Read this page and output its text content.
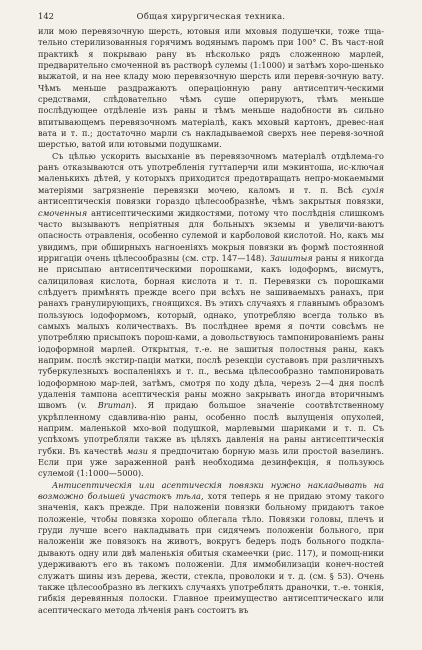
142	Общая хирургическая техника.

или мою перевязочную шерсть, ютовыя или мховыя подушечки, тоже тща-тельно стерилизованныя горячимъ водянымъ паромъ при 100° С. Въ част-ной практикѣ я покрываю рану въ нѣсколько рядъ сложенною марлей, предварительно смоченной въ растворѣ сулемы (1:1000) и затѣмъ хоро-шенько выжатой, и на нее кладу мою перевязочную шерсть или перевя-зочную вату. Чѣмъ меньше раздражаютъ операціонную рану антисептич-ческими средствами, слѣдовательно чѣмъ суше оперируютъ, тѣмъ меньше послѣдующее отдѣленіе изъ раны и тѣмъ меньше надобности въ сильно впитывающемъ перевязочномъ матеріалѣ, какъ мховый картонъ, древес-ная вата и т. п.; достаточно марли съ накладываемой сверхъ нее перевя-зочной шерстью, ватой или ютовыми подушками.

Съ цѣлью ускорить высыханіе въ перевязочномъ матеріалѣ отдѣлема-го ранъ отказываются отъ употребленія гуттаперчи или мэкинтоша, ис-ключая маленькихъ дѣтей, у которыхъ приходится предотвращать непро-мокаемыми матеріями загрязненіе перевязки мочею, каломъ и т. п. Всѣ сухія антисептическія повязки гораздо цѣлесообразнѣе, чѣмъ закрытыя повязки, смоченныя антисептическими жидкостями, потому что послѣднія слишкомъ часто вызываютъ непріятныя для больныхъ экземы и увеличи-ваютъ опасность отравленія, особенно сулемой и карболовой кислотой. Но, какъ мы увидимъ, при обширныхъ нагноеніяхъ мокрыя повязки въ формѣ постоянной ирригаціи очень цѣлесообразны (см. стр. 147—148). Зашитыя раны я никогда не присыпаю антисептическими порошками, какъ іодоформъ, висмутъ, салициловая кислота, борная кислота и т. п. Перевязки съ порошками слѣдуетъ примѣнять прежде всего при всѣхъ не зашиваемыхъ ранахъ, при ранахъ гранулирующихъ, гноящихся. Въ этихъ случаяхъ я главнымъ образомъ пользуюсь іодоформомъ, который, однако, употребляю всегда только въ самыхъ малыхъ количествахъ. Въ послѣднее время я почти совсѣмъ не употребляю присыпокъ порош-ками, а довольствуюсь тампонированіемъ раны іодоформной марлей. Открытыя, т.-е. не зашитыя полостныя раны, какъ наприм. послѣ экстир-паціи матки, послѣ резекціи суставовъ при различныхъ туберкулезныхъ воспаленіяхъ и т. п., весьма цѣлесообразно тампонировать іодоформною мар-лей, затѣмъ, смотря по ходу дѣла, черезъ 2—4 дня послѣ удаленія тампона асептическія раны можно закрывать иногда вторичнымъ швомъ (v. Bruman). Я придаю большое значеніе соотвѣтственному укрѣпленному сдавлива-нію раны, особенно послѣ вылущенія опухолей, наприм. маленькой мхо-вой подушкой, марлевыми шариками и т. п. Съ успѣхомъ употребляли также въ цѣляхъ давленія на раны антисептическія губки. Въ качествѣ мази я предпочитаю борную мазь или простой вазелинъ. Если при уже зараженной ранѣ необходима дезинфекція, я пользуюсь сулемой (1:1000—5000).

Антисептическія или асептическія повязки нужно накладывать на возможно большей участокъ тѣла, хотя теперь я не придаю этому такого значенія, какъ прежде. При наложеніи повязки больному придаютъ такое положеніе, чтобы повязка хорошо облегала тѣло. Повязки головы, плечъ и груди лучше всего накладывать при сидячемъ положеніи больного, при наложеніи же повязокъ на животъ, вокругъ бедеръ подъ больного подкла-дывають одну или двѣ маленькія обитыя скамеечки (рис. 117), и помощ-ники удерживаютъ его въ такомъ положеніи. Для иммобилизаціи конеч-ностей служатъ шины изъ дерева, жести, стекла, проволоки и т. д. (см. § 53). Очень также цѣлесообразно въ легкихъ случаяхъ употреблять драночки, т.-е. тонкія, гибкія деревянныя полоски. Главное преимущество антисептическаго или асептическаго метода лѣченія ранъ состоитъ въ
